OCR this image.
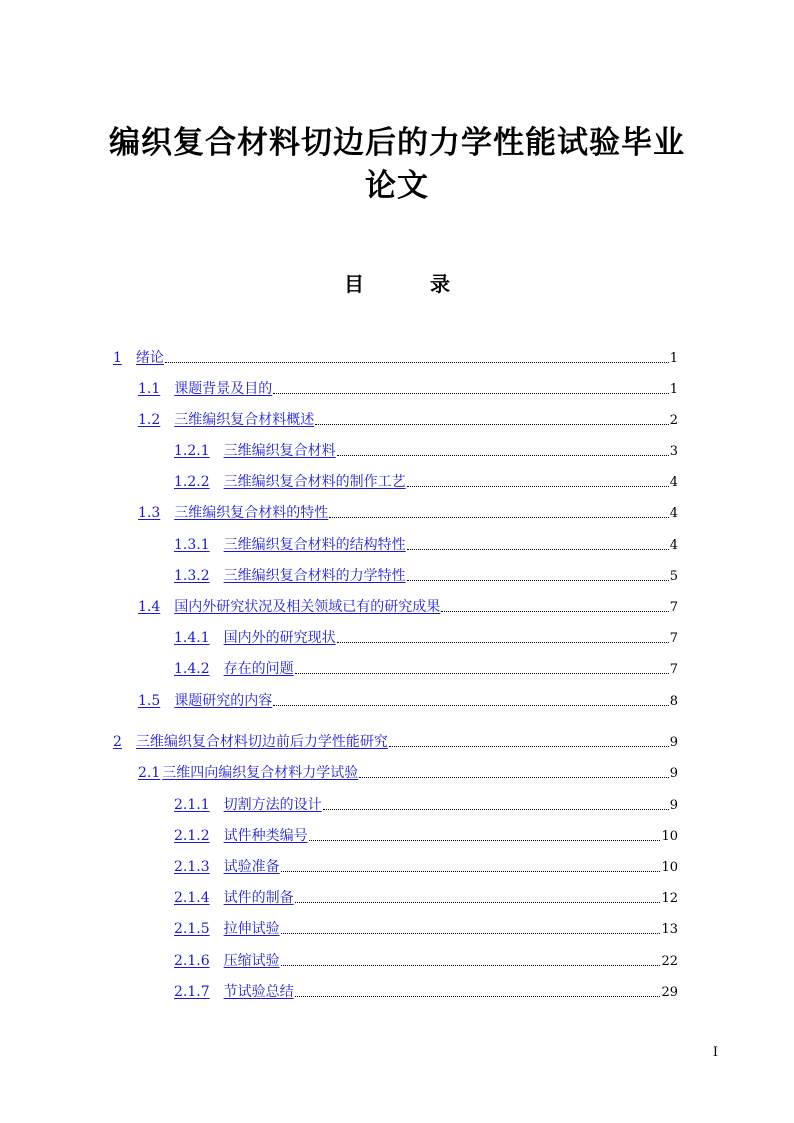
编织复合材料切边后的力学性能试验毕业
论文
目	录
1 绪论	1
1.1 课题背景及目的	1
1.2 三维编织复合材料概述	2
1.2.1 三维编织复合材料	3
1.2.2 三维编织复合材料的制作工艺	4
1.3 三维编织复合材料的特性	4
1.3.1 三维编织复合材料的结构特性	4
1.3.2 三维编织复合材料的力学特性	5
1.4 国内外研究状况及相关领域已有的研究成果	7
1.4.1 国内外的研究现状	7
1.4.2 存在的问题	7
1.5 课题研究的内容	8
2 三维编织复合材料切边前后力学性能研究	9
2.1 三维四向编织复合材料力学试验	9
2.1.1 切割方法的设计	9
2.1.2 试件种类编号	10
2.1.3 试验准备	10
2.1.4 试件的制备	12
2.1.5 拉伸试验	13
2.1.6 压缩试验	22
2.1.7 节试验总结	29
I
